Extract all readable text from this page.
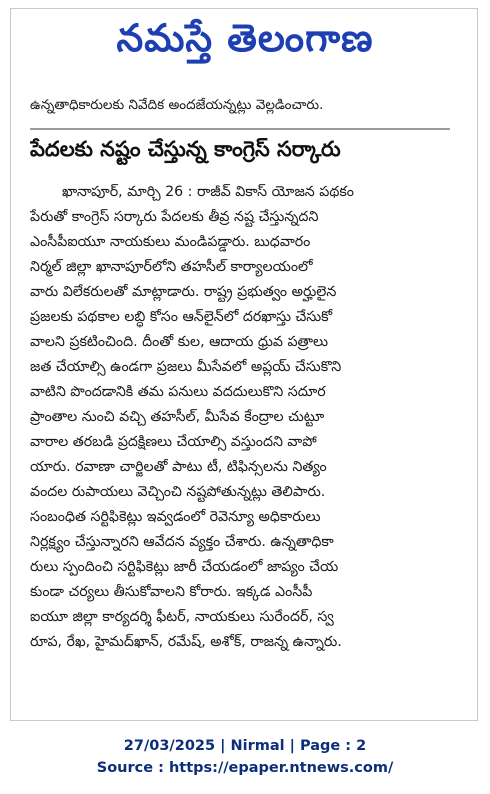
నమస్తే తెలంగాణ
ఉన్నతాధికారులకు నివేదిక అందజేయన్నట్లు వెల్లడించారు.
పేదలకు నష్టం చేస్తున్న కాంగ్రెస్ సర్కారు
ఖానాపూర్, మార్చి 26 : రాజీవ్ వికాస్ యోజన పథకం
పేరుతో కాంగ్రెస్ సర్కారు పేదలకు తీవ్ర నష్ట చేస్తున్నదని
ఎంసీపీఐయూ నాయకులు మండిపడ్డారు. బుధవారం
నిర్మల్ జిల్లా ఖానాపూర్‌లోని తహసీల్ కార్యాలయంలో
వారు విలేకరులతో మాట్లాడారు. రాష్ట్ర ప్రభుత్వం అర్హులైన
ప్రజలకు పథకాల లబ్ధి కోసం ఆన్‌లైన్‌లో దరఖాస్తు చేసుకో
వాలని ప్రకటించింది. దీంతో కుల, ఆదాయ ధ్రువ పత్రాలు
జత చేయాల్సి ఉండగా ప్రజలు మీసేవలో అప్లయ్ చేసుకొని
వాటిని పొందడానికి తమ పనులు వదదులుకొని సదూర
ప్రాంతాల నుంచి వచ్చి తహసీల్, మీసేవ కేంద్రాల చుట్టూ
వారాల తరబడి ప్రదక్షిణలు చేయాల్సి వస్తుందని వాపో
యారు. రవాణా చార్జిలతో పాటు టీ, టిఫిన్సలను నిత్యం
వందల రుపాయలు వెచ్చించి నష్టపోతున్నట్లు తెలిపారు.
సంబంధిత సర్టిఫికెట్లు ఇవ్వడంలో రెవెన్యూ అధికారులు
నిర్లక్ష్యం చేస్తున్నారని ఆవేదన వ్యక్తం చేశారు. ఉన్నతాధికా
రులు స్పందించి సర్టిఫికెట్లు జారీ చేయడంలో జాప్యం చేయ
కుండా చర్యలు తీసుకోవాలని కోరారు. ఇక్కడ ఎంసీపీ
ఐయూ జిల్లా కార్యదర్శి ఫీటర్, నాయకులు సురేందర్, స్వ
రూప, రేఖ, హైమద్‌ఖాన్, రమేష్, అశోక్, రాజన్న ఉన్నారు.
27/03/2025 | Nirmal | Page : 2
Source : https://epaper.ntnews.com/
